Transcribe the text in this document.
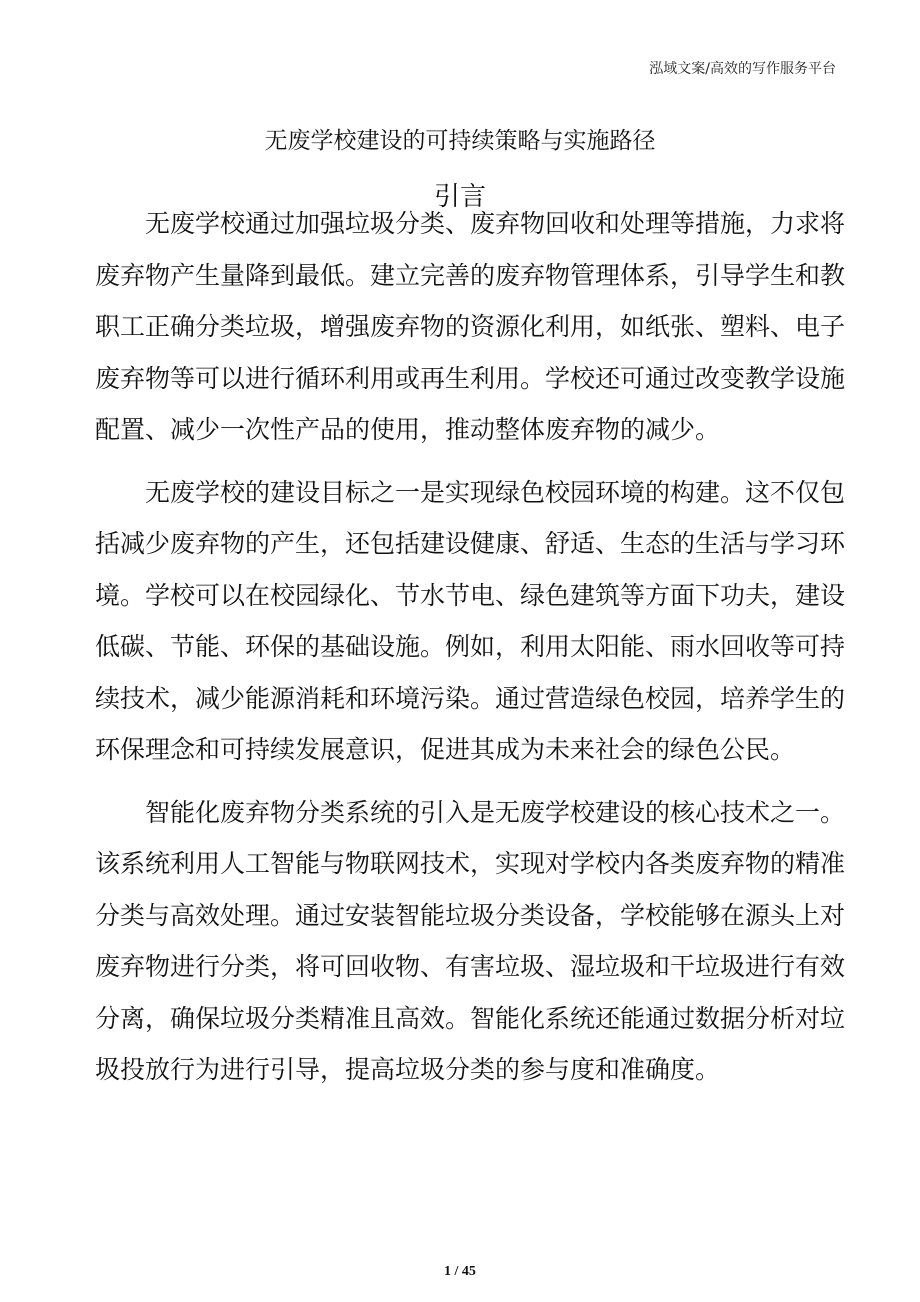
泓域文案/高效的写作服务平台
无废学校建设的可持续策略与实施路径
引言
　　无废学校通过加强垃圾分类、废弃物回收和处理等措施，力求将
废弃物产生量降到最低。建立完善的废弃物管理体系，引导学生和教
职工正确分类垃圾，增强废弃物的资源化利用，如纸张、塑料、电子
废弃物等可以进行循环利用或再生利用。学校还可通过改变教学设施
配置、减少一次性产品的使用，推动整体废弃物的减少。
　　无废学校的建设目标之一是实现绿色校园环境的构建。这不仅包
括减少废弃物的产生，还包括建设健康、舒适、生态的生活与学习环
境。学校可以在校园绿化、节水节电、绿色建筑等方面下功夫，建设
低碳、节能、环保的基础设施。例如，利用太阳能、雨水回收等可持
续技术，减少能源消耗和环境污染。通过营造绿色校园，培养学生的
环保理念和可持续发展意识，促进其成为未来社会的绿色公民。
　　智能化废弃物分类系统的引入是无废学校建设的核心技术之一。
该系统利用人工智能与物联网技术，实现对学校内各类废弃物的精准
分类与高效处理。通过安装智能垃圾分类设备，学校能够在源头上对
废弃物进行分类，将可回收物、有害垃圾、湿垃圾和干垃圾进行有效
分离，确保垃圾分类精准且高效。智能化系统还能通过数据分析对垃
圾投放行为进行引导，提高垃圾分类的参与度和准确度。
1 / 45
